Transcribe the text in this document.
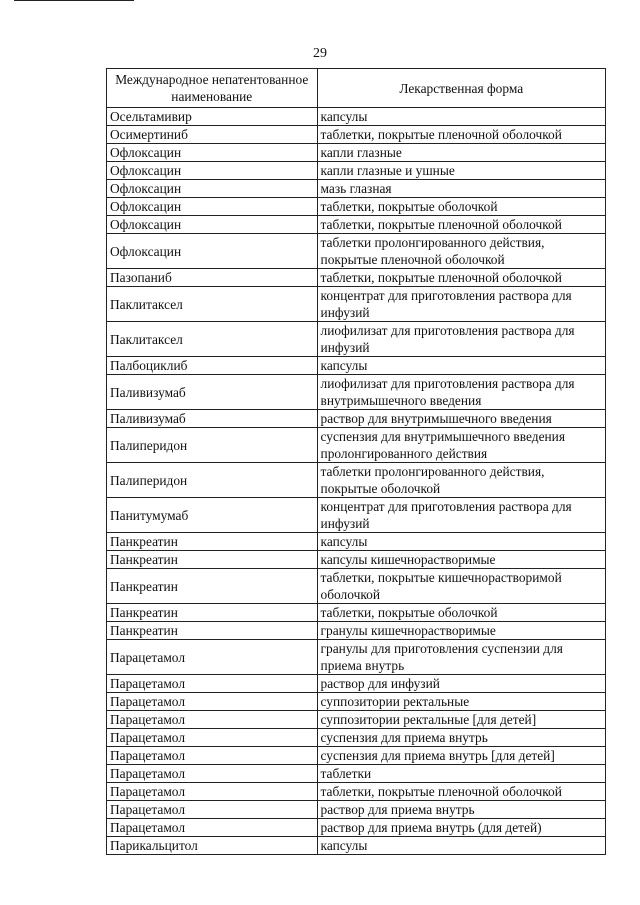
29
Международное непатентованное наименование	Лекарственная форма
Осельтамивир	капсулы
Осимертиниб	таблетки, покрытые пленочной оболочкой
Офлоксацин	капли глазные
Офлоксацин	капли глазные и ушные
Офлоксацин	мазь глазная
Офлоксацин	таблетки, покрытые оболочкой
Офлоксацин	таблетки, покрытые пленочной оболочкой
Офлоксацин	таблетки пролонгированного действия, покрытые пленочной оболочкой
Пазопаниб	таблетки, покрытые пленочной оболочкой
Паклитаксел	концентрат для приготовления раствора для инфузий
Паклитаксел	лиофилизат для приготовления раствора для инфузий
Палбоциклиб	капсулы
Паливизумаб	лиофилизат для приготовления раствора для внутримышечного введения
Паливизумаб	раствор для внутримышечного введения
Палиперидон	суспензия для внутримышечного введения пролонгированного действия
Палиперидон	таблетки пролонгированного действия, покрытые оболочкой
Панитумумаб	концентрат для приготовления раствора для инфузий
Панкреатин	капсулы
Панкреатин	капсулы кишечнорастворимые
Панкреатин	таблетки, покрытые кишечнорастворимой оболочкой
Панкреатин	таблетки, покрытые оболочкой
Панкреатин	гранулы кишечнорастворимые
Парацетамол	гранулы для приготовления суспензии для приема внутрь
Парацетамол	раствор для инфузий
Парацетамол	суппозитории ректальные
Парацетамол	суппозитории ректальные [для детей]
Парацетамол	суспензия для приема внутрь
Парацетамол	суспензия для приема внутрь [для детей]
Парацетамол	таблетки
Парацетамол	таблетки, покрытые пленочной оболочкой
Парацетамол	раствор для приема внутрь
Парацетамол	раствор для приема внутрь (для детей)
Парикальцитол	капсулы
